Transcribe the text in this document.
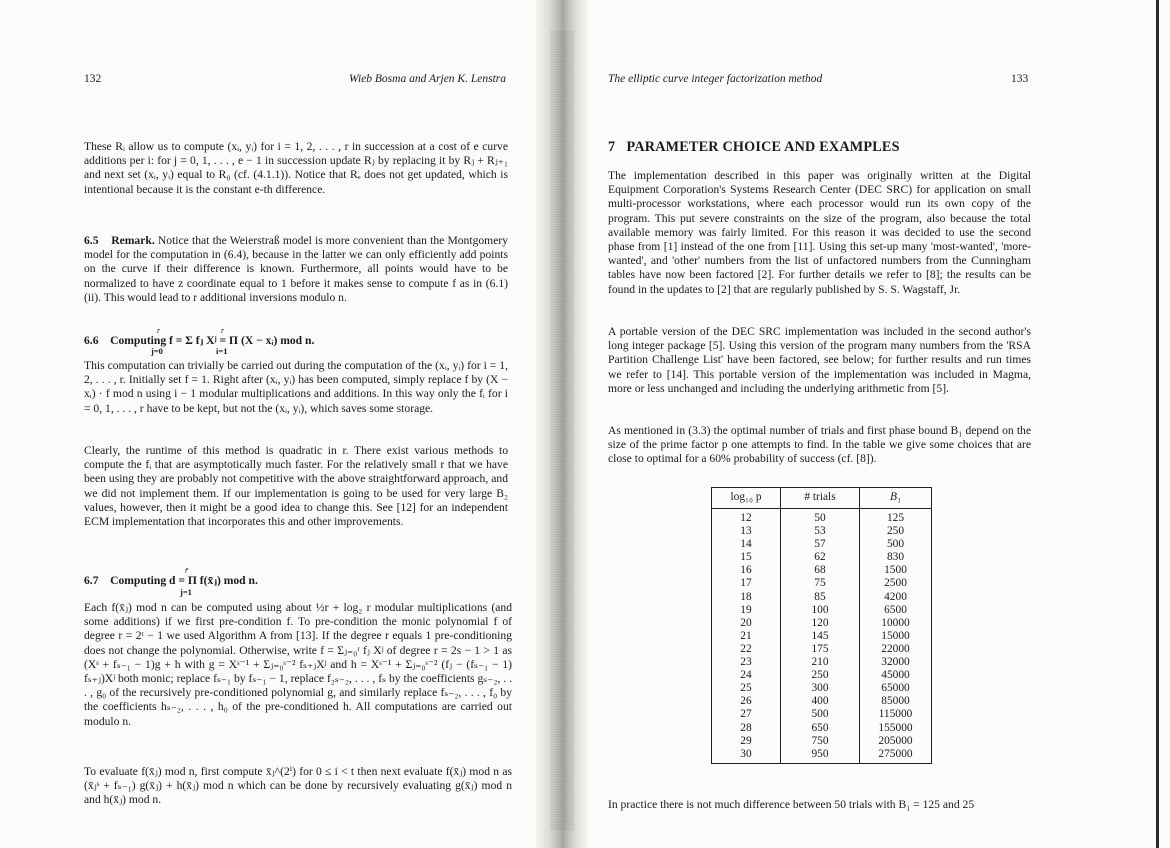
132	Wieb Bosma and Arjen K. Lenstra
These Rᵢ allow us to compute (xᵢ, yᵢ) for i = 1, 2, . . . , r in succession at a cost of e curve additions per i: for j = 0, 1, . . . , e − 1 in succession update Rⱼ by replacing it by Rⱼ + Rⱼ₊₁ and next set (xᵢ, yᵢ) equal to R₀ (cf. (4.1.1)). Notice that Rₑ does not get updated, which is intentional because it is the constant e-th difference.
6.5 Remark. Notice that the Weierstraß model is more convenient than the Montgomery model for the computation in (6.4), because in the latter we can only efficiently add points on the curve if their difference is known. Furthermore, all points would have to be normalized to have z coordinate equal to 1 before it makes sense to compute f as in (6.1)(ii). This would lead to r additional inversions modulo n.
r	r
6.6 Computing f = Σ fⱼ Xʲ = Π (X − xᵢ) mod n.
j=0	i=1
This computation can trivially be carried out during the computation of the (xᵢ, yᵢ) for i = 1, 2, . . . , r. Initially set f = 1. Right after (xᵢ, yᵢ) has been computed, simply replace f by (X − xᵢ) · f mod n using i − 1 modular multiplications and additions. In this way only the fᵢ for i = 0, 1, . . . , r have to be kept, but not the (xᵢ, yᵢ), which saves some storage.
Clearly, the runtime of this method is quadratic in r. There exist various methods to compute the fᵢ that are asymptotically much faster. For the relatively small r that we have been using they are probably not competitive with the above straightforward approach, and we did not implement them. If our implementation is going to be used for very large B₂ values, however, then it might be a good idea to change this. See [12] for an independent ECM implementation that incorporates this and other improvements.
r̄
6.7 Computing d = Π f(x̄ⱼ) mod n.
j=1
Each f(x̄ⱼ) mod n can be computed using about ½r + log₂ r modular multiplications (and some additions) if we first pre-condition f. To pre-condition the monic polynomial f of degree r = 2ᵗ − 1 we used Algorithm A from [13]. If the degree r equals 1 pre-conditioning does not change the polynomial. Otherwise, write f = Σⱼ₌₀ʳ fⱼ Xʲ of degree r = 2s − 1 > 1 as (Xˢ + fₛ₋₁ − 1)g + h with g = Xˢ⁻¹ + Σⱼ₌₀ˢ⁻² fₛ₊ⱼXʲ and h = Xˢ⁻¹ + Σⱼ₌₀ˢ⁻² (fⱼ − (fₛ₋₁ − 1) fₛ₊ⱼ)Xʲ both monic; replace fₛ₋₁ by fₛ₋₁ − 1, replace f₂ₛ₋₂, . . . , fₛ by the coefficients gₛ₋₂, . . . , g₀ of the recursively pre-conditioned polynomial g, and similarly replace fₛ₋₂, . . . , f₀ by the coefficients hₛ₋₂, . . . , h₀ of the pre-conditioned h. All computations are carried out modulo n.
To evaluate f(x̄ⱼ) mod n, first compute x̄ⱼ^(2ⁱ) for 0 ≤ i < t then next evaluate f(x̄ⱼ) mod n as (x̄ⱼˢ + fₛ₋₁) g(x̄ⱼ) + h(x̄ⱼ) mod n which can be done by recursively evaluating g(x̄ⱼ) mod n and h(x̄ⱼ) mod n.
The elliptic curve integer factorization method	133
7   PARAMETER CHOICE AND EXAMPLES
The implementation described in this paper was originally written at the Digital Equipment Corporation's Systems Research Center (DEC SRC) for application on small multi-processor workstations, where each processor would run its own copy of the program. This put severe constraints on the size of the program, also because the total available memory was fairly limited. For this reason it was decided to use the second phase from [1] instead of the one from [11]. Using this set-up many 'most-wanted', 'more-wanted', and 'other' numbers from the list of unfactored numbers from the Cunningham tables have now been factored [2]. For further details we refer to [8]; the results can be found in the updates to [2] that are regularly published by S. S. Wagstaff, Jr.
A portable version of the DEC SRC implementation was included in the second author's long integer package [5]. Using this version of the program many numbers from the 'RSA Partition Challenge List' have been factored, see below; for further results and run times we refer to [14]. This portable version of the implementation was included in Magma, more or less unchanged and including the underlying arithmetic from [5].
As mentioned in (3.3) the optimal number of trials and first phase bound B₁ depend on the size of the prime factor p one attempts to find. In the table we give some choices that are close to optimal for a 60% probability of success (cf. [8]).
log₁₀ p	# trials	B₁
12	50	125
13	53	250
14	57	500
15	62	830
16	68	1500
17	75	2500
18	85	4200
19	100	6500
20	120	10000
21	145	15000
22	175	22000
23	210	32000
24	250	45000
25	300	65000
26	400	85000
27	500	115000
28	650	155000
29	750	205000
30	950	275000
In practice there is not much difference between 50 trials with B₁ = 125 and 25
